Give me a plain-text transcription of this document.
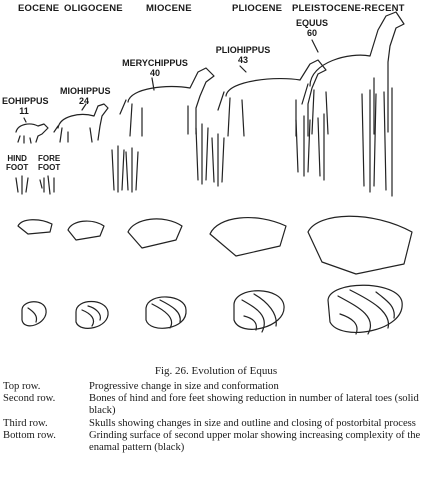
EOCENE OLIGOCENE MIOCENE	PLIOCENE PLEISTOCENE-RECENT
EOHIPPUS
11
MIOHIPPUS
24
MERYCHIPPUS
40
PLIOHIPPUS
43
EQUUS
60
HIND
FOOT
FORE
FOOT
Fig. 26. Evolution of Equus
Top row.	Progressive change in size and conformation
Second row.	Bones of hind and fore feet showing reduction in number of lateral toes (solid black)
Third row.	Skulls showing changes in size and outline and closing of postorbital process
Bottom row.	Grinding surface of second upper molar showing increasing complexity of the enamal pattern (black)
